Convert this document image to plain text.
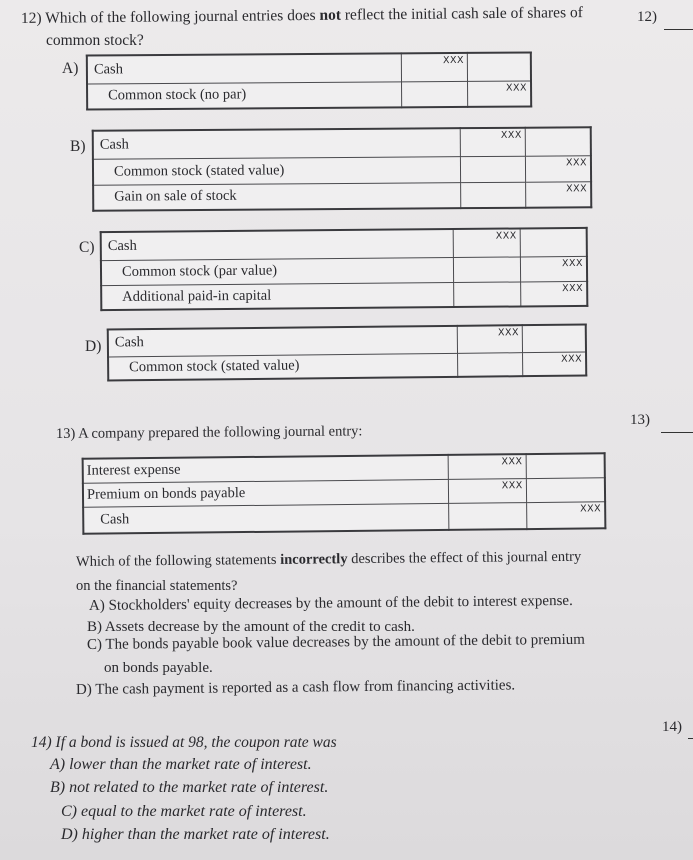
12) Which of the following journal entries does not reflect the initial cash sale of shares of
common stock?
12)
A) Cash	XXX	

Common stock (no par)		XXX
B) Cash	XXX	

Common stock (stated value)		XXX

Gain on sale of stock		XXX
C) Cash	XXX	

Common stock (par value)		XXX

Additional paid-in capital		XXX
D) Cash	XXX	

Common stock (stated value)		XXX
13)
13) A company prepared the following journal entry:
Interest expense	XXX	

Premium on bonds payable	XXX	

Cash		XXX
Which of the following statements incorrectly describes the effect of this journal entry
on the financial statements?
A) Stockholders' equity decreases by the amount of the debit to interest expense.
B) Assets decrease by the amount of the credit to cash.
C) The bonds payable book value decreases by the amount of the debit to premium
on bonds payable.
D) The cash payment is reported as a cash flow from financing activities.
14)
14) If a bond is issued at 98, the coupon rate was
A) lower than the market rate of interest.
B) not related to the market rate of interest.
C) equal to the market rate of interest.
D) higher than the market rate of interest.
